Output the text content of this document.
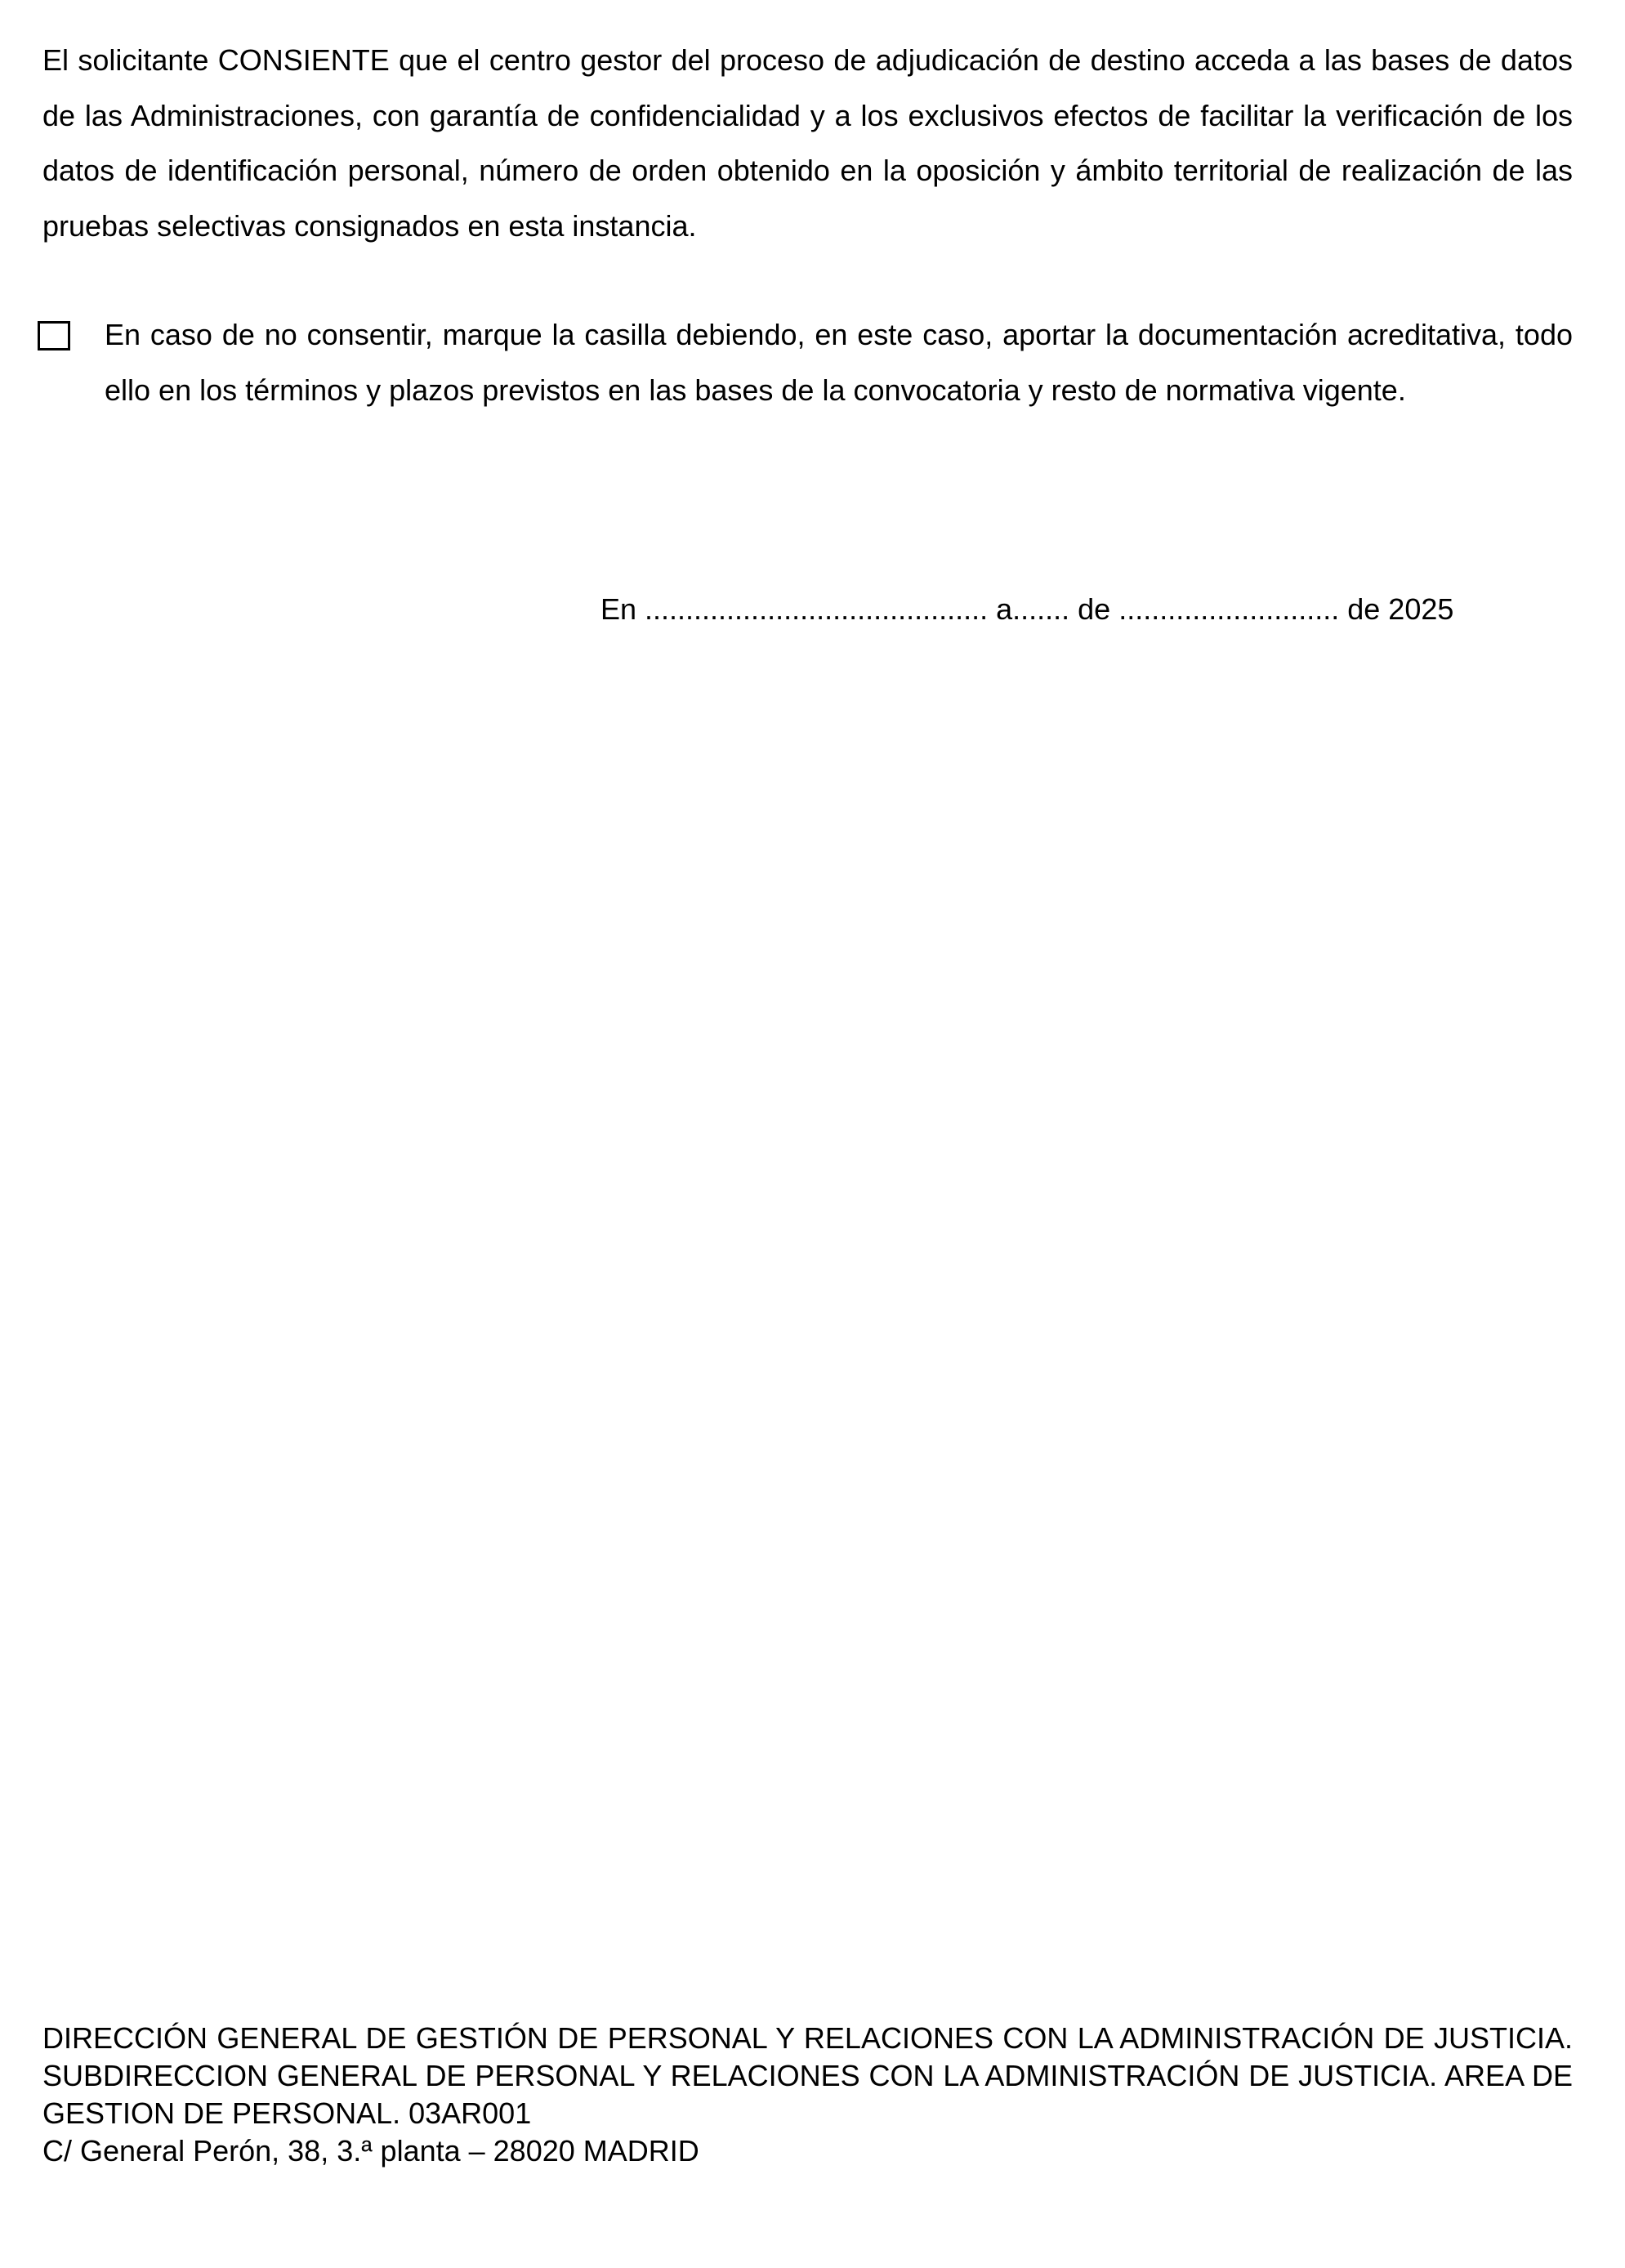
El solicitante CONSIENTE que el centro gestor del proceso de adjudicación de destino acceda a las bases de datos de las Administraciones, con garantía de confidencialidad y a los exclusivos efectos de facilitar la verificación de los datos de identificación personal, número de orden obtenido en la oposición y ámbito territorial de realización de las pruebas selectivas consignados en esta instancia.

En caso de no consentir, marque la casilla debiendo, en este caso, aportar la documentación acreditativa, todo ello en los términos y plazos previstos en las bases de la convocatoria y resto de normativa vigente.

En .......................................... a....... de ........................... de 2025

DIRECCIÓN GENERAL DE GESTIÓN DE PERSONAL Y RELACIONES CON LA ADMINISTRACIÓN DE JUSTICIA. SUBDIRECCION GENERAL DE PERSONAL Y RELACIONES CON LA ADMINISTRACIÓN DE JUSTICIA. AREA DE GESTION DE PERSONAL. 03AR001

C/ General Perón, 38, 3.ª planta – 28020 MADRID
